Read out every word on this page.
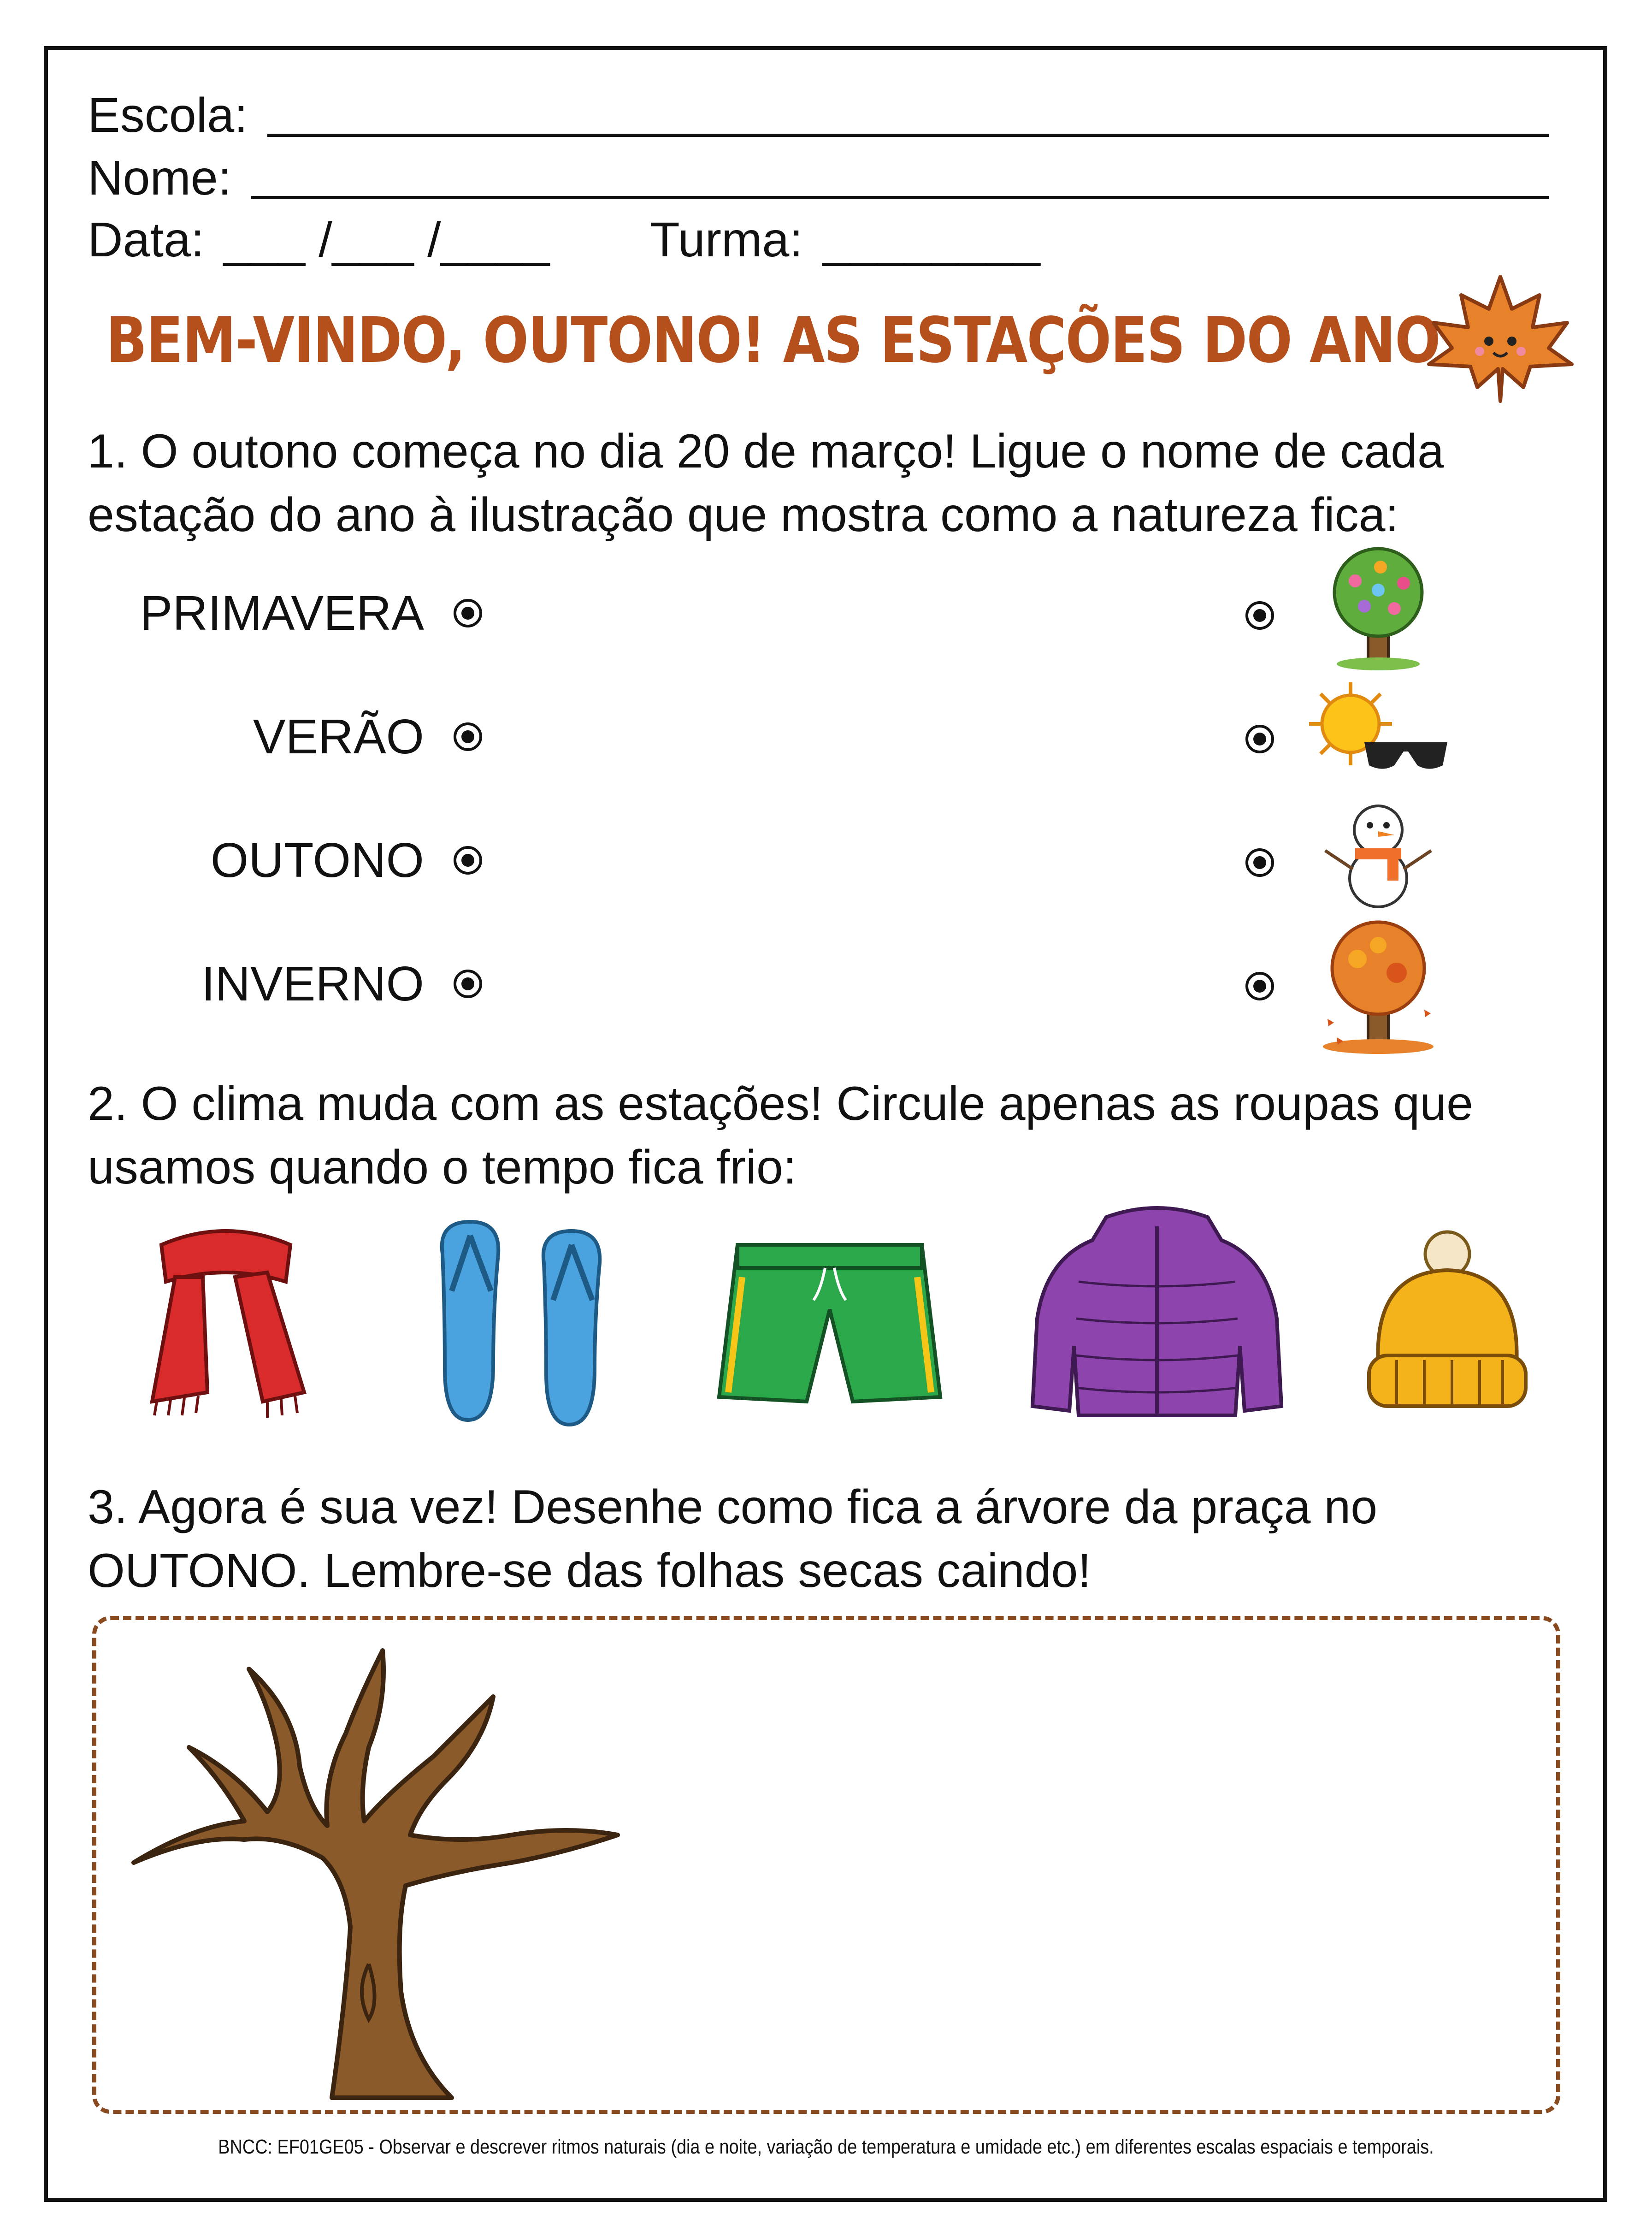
Escola:
Nome:
Data: ___ /___ /____ Turma: ________
BEM-VINDO, OUTONO! AS ESTAÇÕES DO ANO
1. O outono começa no dia 20 de março! Ligue o nome de cada
estação do ano à ilustração que mostra como a natureza fica:
PRIMAVERA
VERÃO
OUTONO
INVERNO
2. O clima muda com as estações! Circule apenas as roupas que
usamos quando o tempo fica frio:
3. Agora é sua vez! Desenhe como fica a árvore da praça no
OUTONO. Lembre-se das folhas secas caindo!
BNCC: EF01GE05 - Observar e descrever ritmos naturais (dia e noite, variação de temperatura e umidade etc.) em diferentes escalas espaciais e temporais.
